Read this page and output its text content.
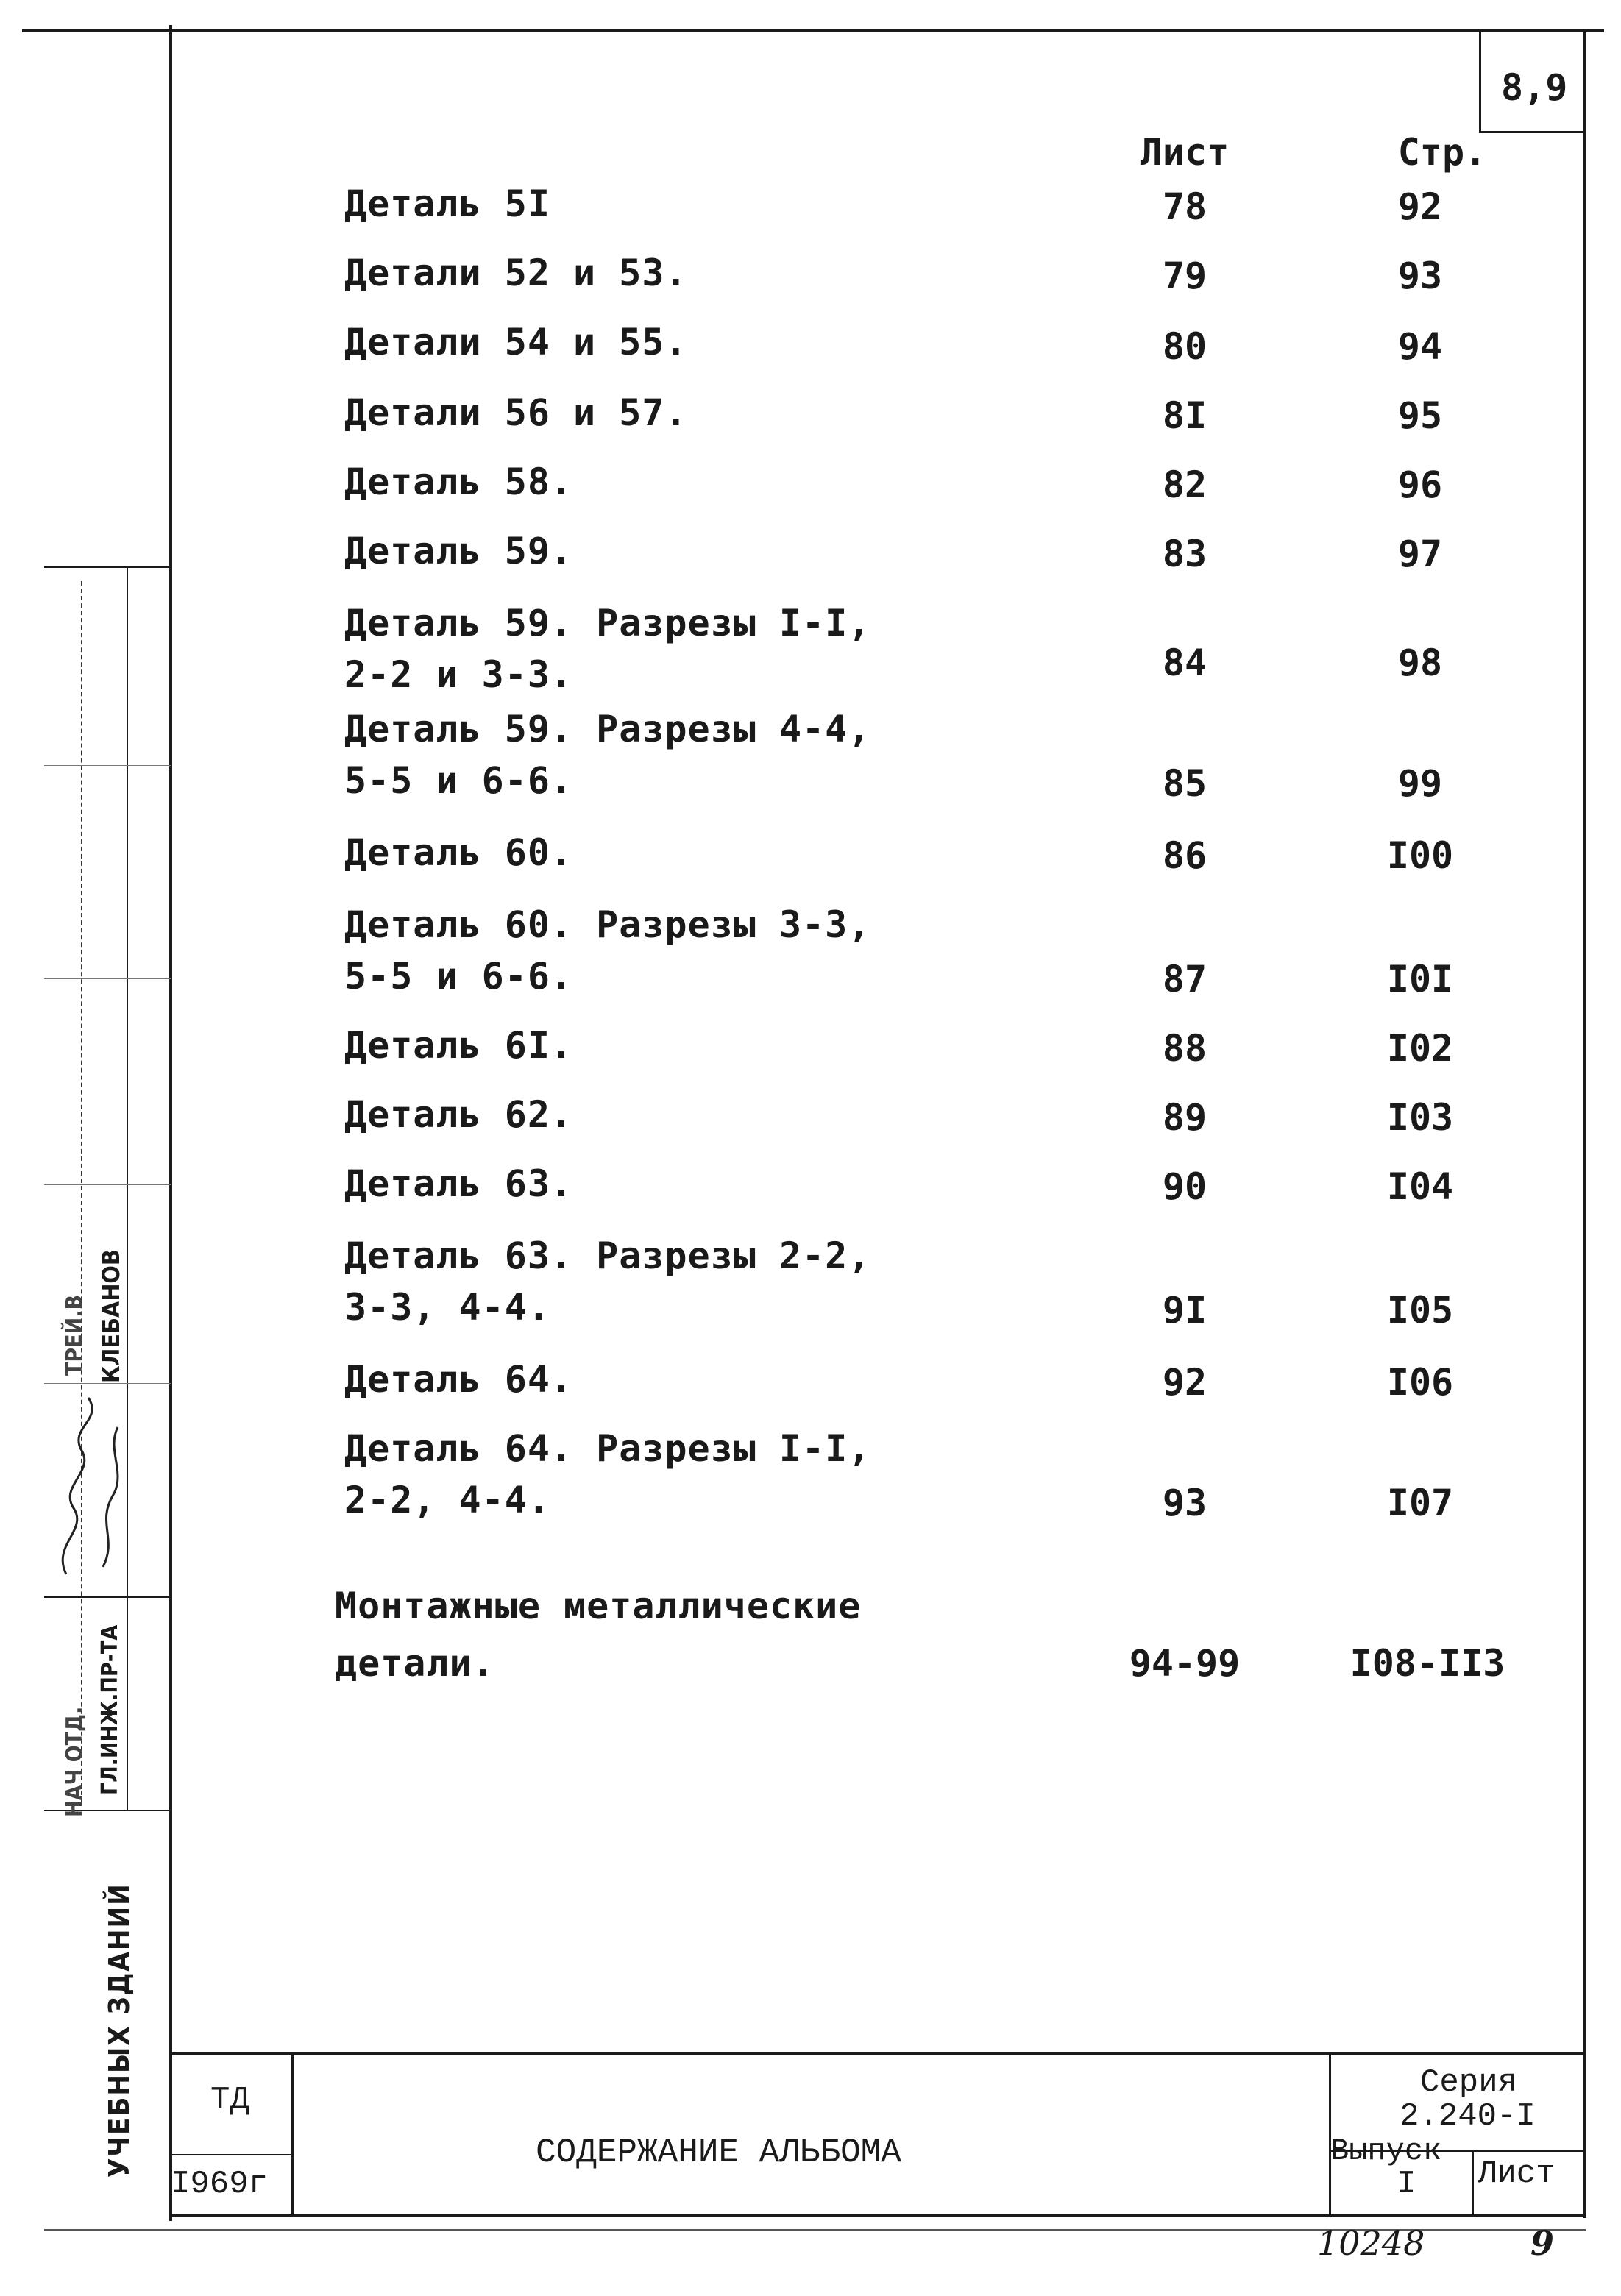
8,9
Лист	Стр.
Деталь 5I	78	92
Детали 52 и 53.	79	93
Детали 54 и 55.	80	94
Детали 56 и 57.	8I	95
Деталь 58.	82	96
Деталь 59.	83	97
Деталь 59. Разрезы I-I,
2-2 и 3-3.	84	98
Деталь 59. Разрезы 4-4,
5-5 и 6-6.	85	99
Деталь 60.	86	I00
Деталь 60. Разрезы 3-3,
5-5 и 6-6.	87	I0I
Деталь 6I.	88	I02
Деталь 62.	89	I03
Деталь 63.	90	I04
Деталь 63. Разрезы 2-2,
3-3, 4-4.	9I	I05
Деталь 64.	92	I06
Деталь 64. Разрезы I-I,
2-2, 4-4.	93	I07
Монтажные металлические
детали.	94-99	I08-II3
ТД
I969г
СОДЕРЖАНИЕ АЛЬБОМА
Серия
2.240-I
Выпуск
I Лист
УЧЕБНЫХ ЗДАНИЙ
НАЧ ОТД. ГЛ.ИНЖ.ПР-ТА
ТРЕЙ.В КЛЕБАНОВ
10248	9
